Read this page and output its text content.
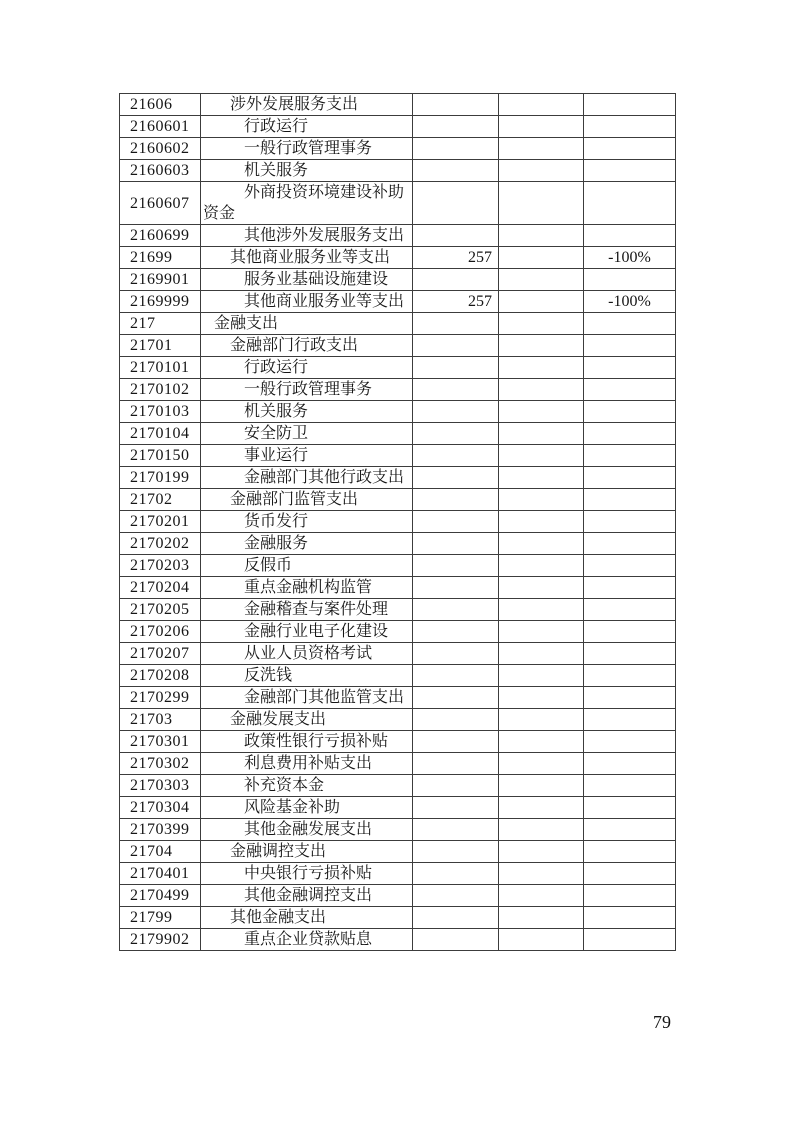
21606	涉外发展服务支出			
2160601	行政运行			
2160602	一般行政管理事务			
2160603	机关服务			
2160607	外商投资环境建设补助资金			
2160699	其他涉外发展服务支出			
21699	其他商业服务业等支出	257		-100%
2169901	服务业基础设施建设			
2169999	其他商业服务业等支出	257		-100%
217	金融支出			
21701	金融部门行政支出			
2170101	行政运行			
2170102	一般行政管理事务			
2170103	机关服务			
2170104	安全防卫			
2170150	事业运行			
2170199	金融部门其他行政支出			
21702	金融部门监管支出			
2170201	货币发行			
2170202	金融服务			
2170203	反假币			
2170204	重点金融机构监管			
2170205	金融稽查与案件处理			
2170206	金融行业电子化建设			
2170207	从业人员资格考试			
2170208	反洗钱			
2170299	金融部门其他监管支出			
21703	金融发展支出			
2170301	政策性银行亏损补贴			
2170302	利息费用补贴支出			
2170303	补充资本金			
2170304	风险基金补助			
2170399	其他金融发展支出			
21704	金融调控支出			
2170401	中央银行亏损补贴			
2170499	其他金融调控支出			
21799	其他金融支出			
2179902	重点企业贷款贴息			
79
